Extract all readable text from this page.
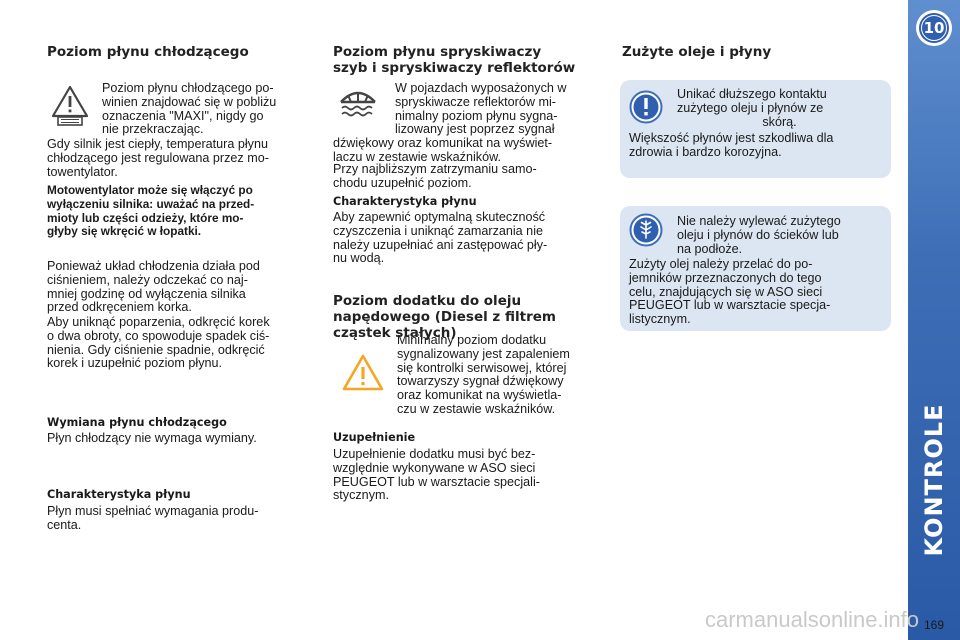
Poziom płynu chłodzącego
Poziom płynu chłodzącego po-
winien znajdować się w pobliżu
oznaczenia "MAXI", nigdy go
nie przekraczając.
Gdy silnik jest ciepły, temperatura płynu
chłodzącego jest regulowana przez mo-
towentylator.
Motowentylator może się włączyć po
wyłączeniu silnika: uważać na przed-
mioty lub części odzieży, które mo-
głyby się wkręcić w łopatki.
Ponieważ układ chłodzenia działa pod
ciśnieniem, należy odczekać co naj-
mniej godzinę od wyłączenia silnika
przed odkręceniem korka.
Aby uniknąć poparzenia, odkręcić korek
o dwa obroty, co spowoduje spadek ciś-
nienia. Gdy ciśnienie spadnie, odkręcić
korek i uzupełnić poziom płynu.
Wymiana płynu chłodzącego
Płyn chłodzący nie wymaga wymiany.
Charakterystyka płynu
Płyn musi spełniać wymagania produ-
centa.
Poziom płynu spryskiwaczy
szyb i spryskiwaczy reflektorów
W pojazdach wyposażonych w
spryskiwacze reflektorów mi-
nimalny poziom płynu sygna-
lizowany jest poprzez sygnał
dźwiękowy oraz komunikat na wyświet-
laczu w zestawie wskaźników.
Przy najbliższym zatrzymaniu samo-
chodu uzupełnić poziom.
Charakterystyka płynu
Aby zapewnić optymalną skuteczność
czyszczenia i uniknąć zamarzania nie
należy uzupełniać ani zastępować pły-
nu wodą.
Poziom dodatku do oleju
napędowego (Diesel z filtrem
cząstek stałych)
Minimalny poziom dodatku
sygnalizowany jest zapaleniem
się kontrolki serwisowej, której
towarzyszy sygnał dźwiękowy
oraz komunikat na wyświetla-
czu w zestawie wskaźników.
Uzupełnienie
Uzupełnienie dodatku musi być bez-
względnie wykonywane w ASO sieci
PEUGEOT lub w warsztacie specjali-
stycznym.
Zużyte oleje i płyny
Unikać dłuższego kontaktu
zużytego oleju i płynów ze
skórą.
Większość płynów jest szkodliwa dla
zdrowia i bardzo korozyjna.
Nie należy wylewać zużytego
oleju i płynów do ścieków lub
na podłoże.
Zużyty olej należy przelać do po-
jemników przeznaczonych do tego
celu, znajdujących się w ASO sieci
PEUGEOT lub w warsztacie specja-
listycznym.
10
KONTROLE
carmanualsonline.info 169
